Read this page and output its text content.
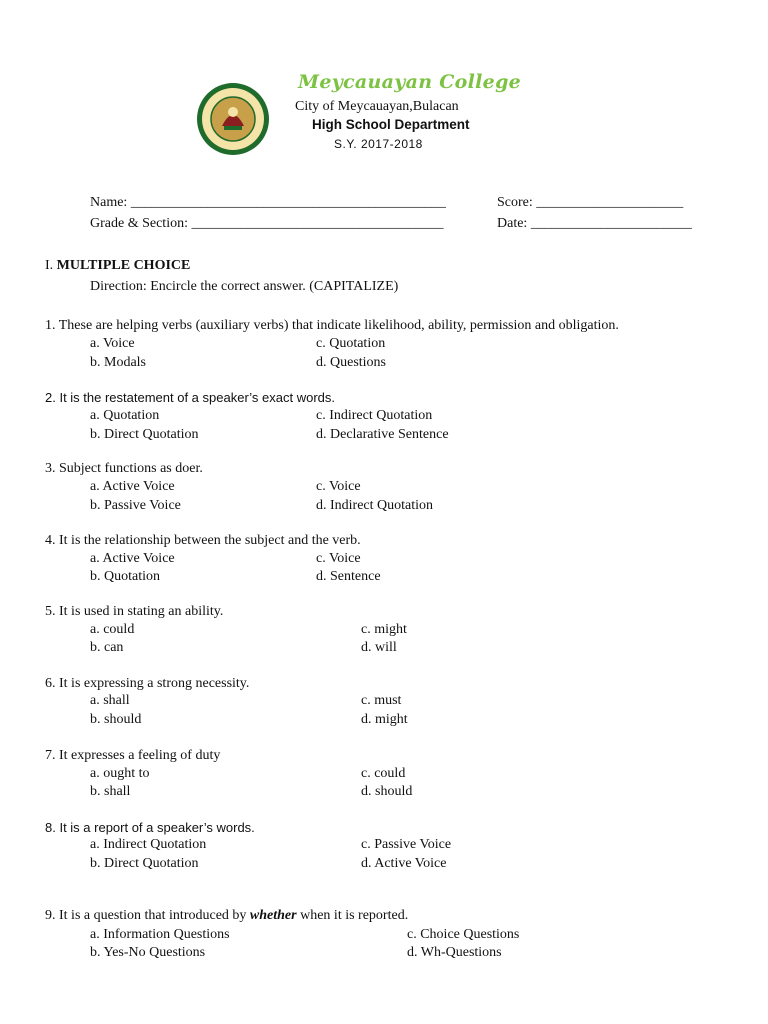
Meycauayan College
City of Meycauayan,Bulacan
High School Department
S.Y. 2017-2018
Name: _____________________________________________	Score: _____________________
Grade & Section: ____________________________________	Date: _______________________
I. MULTIPLE CHOICE
Direction: Encircle the correct answer. (CAPITALIZE)
1. These are helping verbs (auxiliary verbs) that indicate likelihood, ability, permission and obligation.
a. Voice
b. Modals
c. Quotation
d. Questions
2. It is the restatement of a speaker’s exact words.
a. Quotation
b. Direct Quotation
c. Indirect Quotation
d. Declarative Sentence
3. Subject functions as doer.
a. Active Voice
b. Passive Voice
c. Voice
d. Indirect Quotation
4. It is the relationship between the subject and the verb.
a. Active Voice
b. Quotation
c. Voice
d. Sentence
5. It is used in stating an ability.
a. could
b. can
c. might
d. will
6. It is expressing a strong necessity.
a. shall
b. should
c. must
d. might
7. It expresses a feeling of duty
a. ought to
b. shall
c. could
d. should
8. It is a report of a speaker’s words.
a. Indirect Quotation
b. Direct Quotation
c. Passive Voice
d. Active Voice
9. It is a question that introduced by whether when it is reported.
a. Information Questions
b. Yes-No Questions
c. Choice Questions
d. Wh-Questions
